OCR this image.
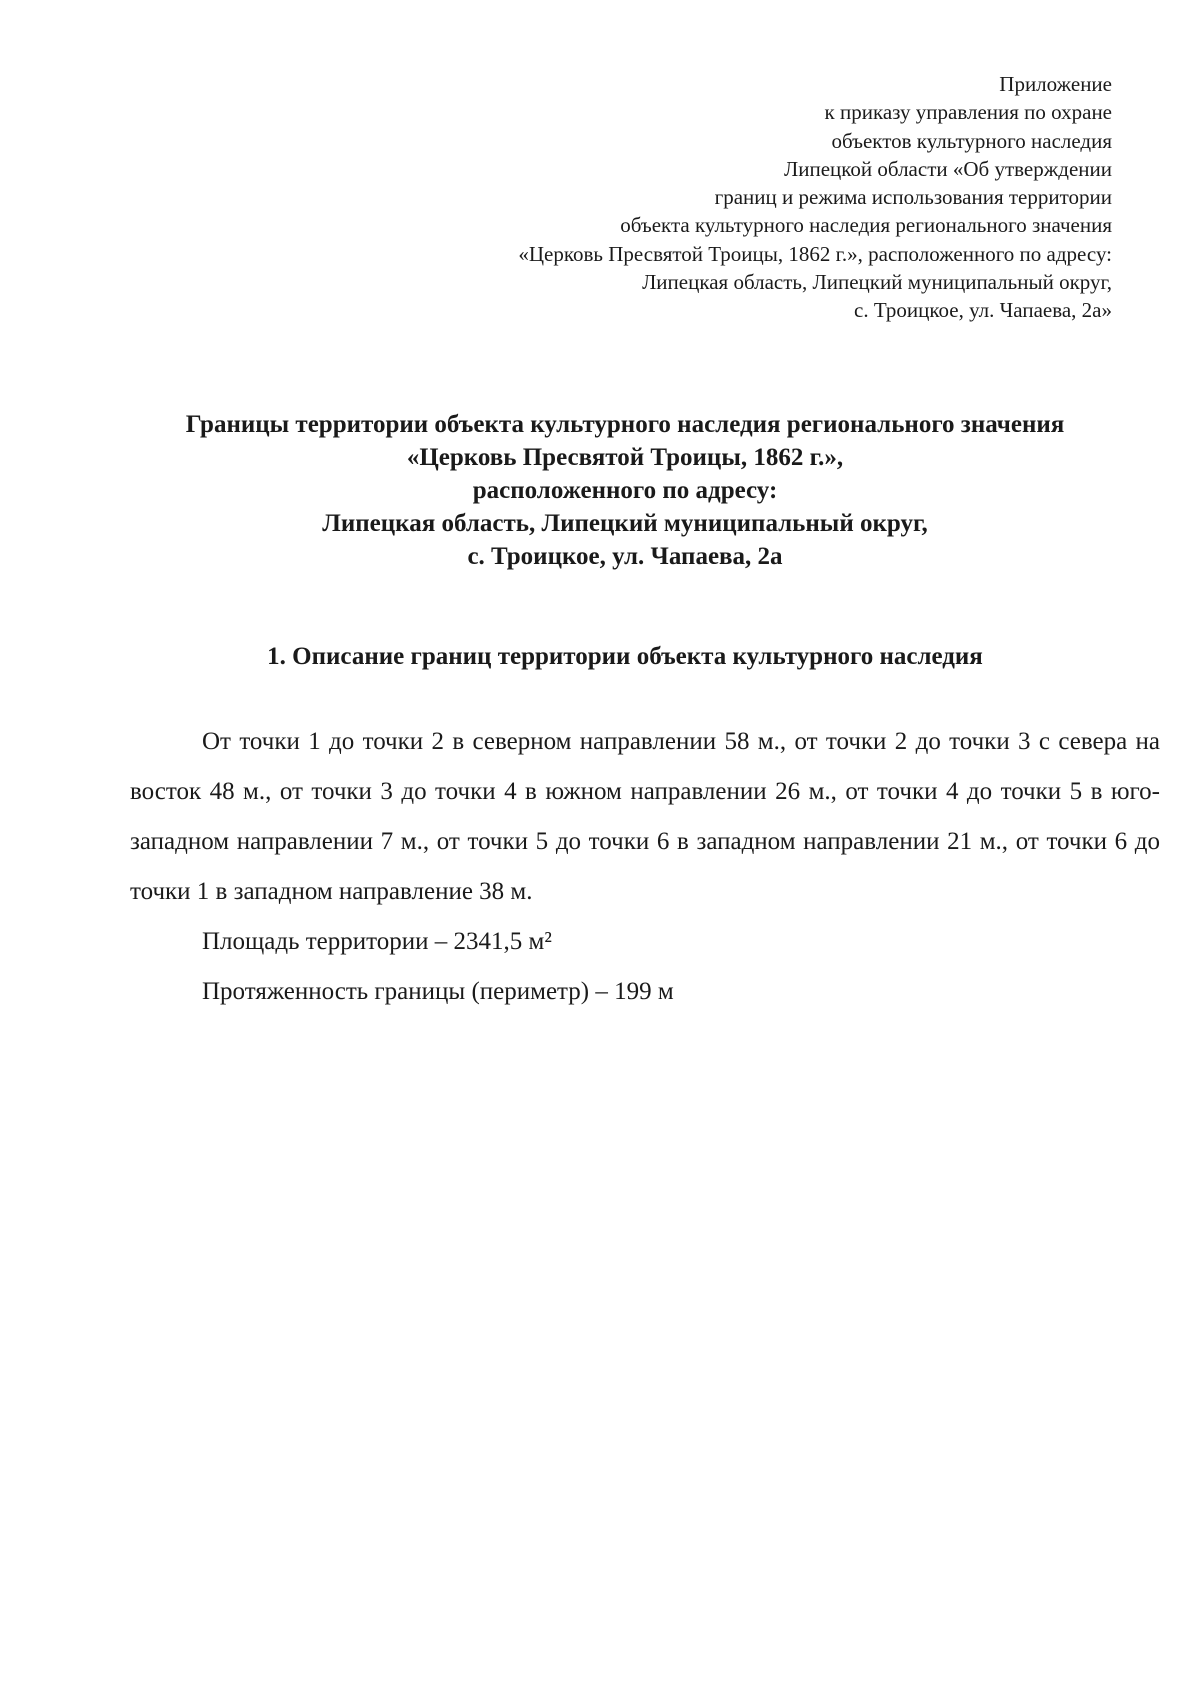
Приложение
к приказу управления по охране
объектов культурного наследия
Липецкой области «Об утверждении
границ и режима использования территории
объекта культурного наследия регионального значения
«Церковь Пресвятой Троицы, 1862 г.», расположенного по адресу:
Липецкая область, Липецкий муниципальный округ,
с. Троицкое, ул. Чапаева, 2а»
Границы территории объекта культурного наследия регионального значения
«Церковь Пресвятой Троицы, 1862 г.»,
расположенного по адресу:
Липецкая область, Липецкий муниципальный округ,
с. Троицкое, ул. Чапаева, 2а
1. Описание границ территории объекта культурного наследия

От точки 1 до точки 2 в северном направлении 58 м., от точки 2 до точки 3 с севера на восток 48 м., от точки 3 до точки 4 в южном направлении 26 м., от точки 4 до точки 5 в юго-западном направлении 7 м., от точки 5 до точки 6 в западном направлении 21 м., от точки 6 до точки 1 в западном направление 38 м.

Площадь территории – 2341,5 м²
Протяженность границы (периметр) – 199 м
